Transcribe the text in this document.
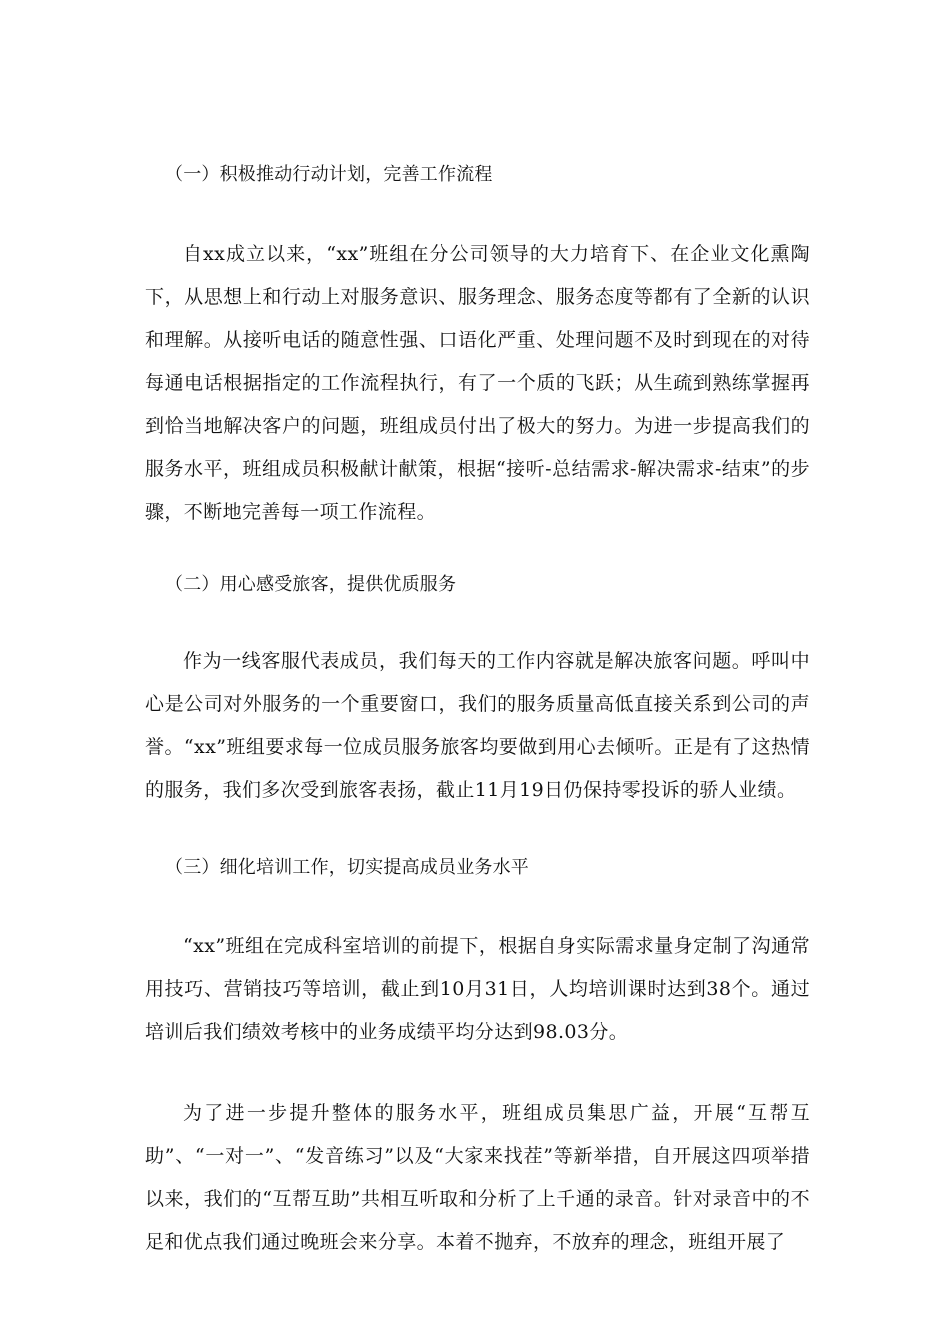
（一）积极推动行动计划，完善工作流程

自xx成立以来，“xx”班组在分公司领导的大力培育下、在企业文化熏陶下，从思想上和行动上对服务意识、服务理念、服务态度等都有了全新的认识和理解。从接听电话的随意性强、口语化严重、处理问题不及时到现在的对待每通电话根据指定的工作流程执行，有了一个质的飞跃；从生疏到熟练掌握再到恰当地解决客户的问题，班组成员付出了极大的努力。为进一步提高我们的服务水平，班组成员积极献计献策，根据“接听-总结需求-解决需求-结束”的步骤，不断地完善每一项工作流程。

（二）用心感受旅客，提供优质服务

作为一线客服代表成员，我们每天的工作内容就是解决旅客问题。呼叫中心是公司对外服务的一个重要窗口，我们的服务质量高低直接关系到公司的声誉。“xx”班组要求每一位成员服务旅客均要做到用心去倾听。正是有了这热情的服务，我们多次受到旅客表扬，截止11月19日仍保持零投诉的骄人业绩。

（三）细化培训工作，切实提高成员业务水平

“xx”班组在完成科室培训的前提下，根据自身实际需求量身定制了沟通常用技巧、营销技巧等培训，截止到10月31日，人均培训课时达到38个。通过培训后我们绩效考核中的业务成绩平均分达到98.03分。

为了进一步提升整体的服务水平，班组成员集思广益，开展“互帮互助”、“一对一”、“发音练习”以及“大家来找茬”等新举措，自开展这四项举措以来，我们的“互帮互助”共相互听取和分析了上千通的录音。针对录音中的不足和优点我们通过晚班会来分享。本着不抛弃，不放弃的理念，班组开展了
